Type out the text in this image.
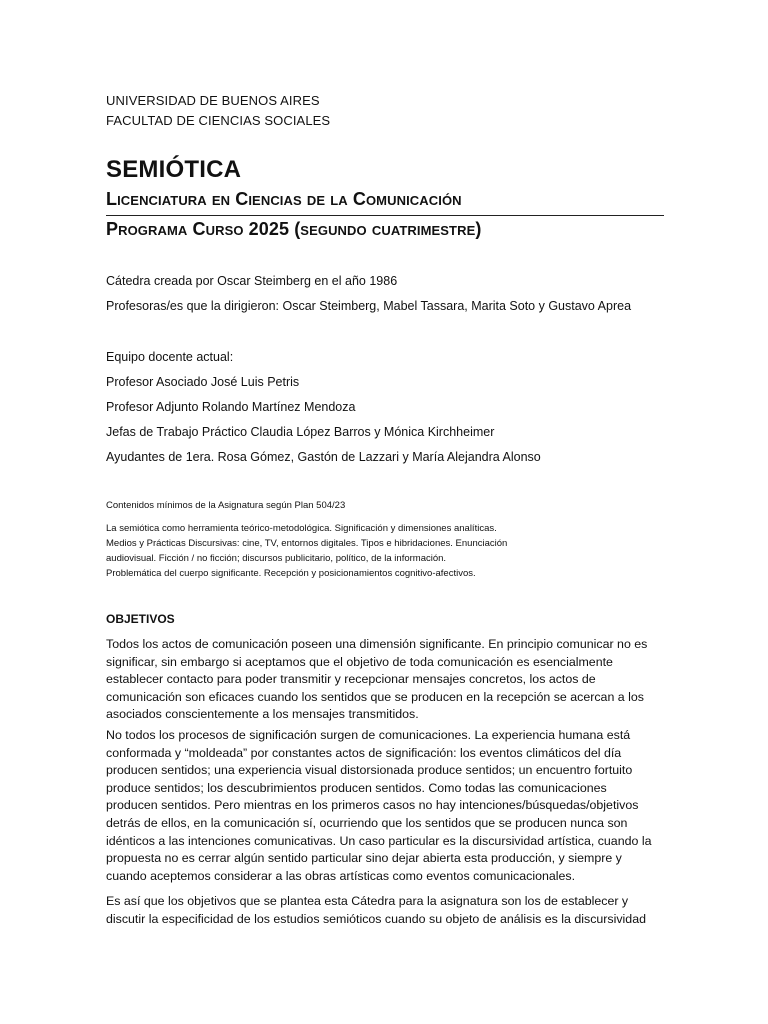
UNIVERSIDAD DE BUENOS AIRES
FACULTAD DE CIENCIAS SOCIALES
SEMIÓTICA
Licenciatura en Ciencias de la Comunicación
Programa Curso 2025 (segundo cuatrimestre)
Cátedra creada por Oscar Steimberg en el año 1986
Profesoras/es que la dirigieron: Oscar Steimberg, Mabel Tassara, Marita Soto y Gustavo Aprea
Equipo docente actual:
Profesor Asociado José Luis Petris
Profesor Adjunto Rolando Martínez Mendoza
Jefas de Trabajo Práctico Claudia López Barros y Mónica Kirchheimer
Ayudantes de 1era. Rosa Gómez, Gastón de Lazzari y María Alejandra Alonso
Contenidos mínimos de la Asignatura según Plan 504/23
La semiótica como herramienta teórico-metodológica. Significación y dimensiones analíticas.
Medios y Prácticas Discursivas: cine, TV, entornos digitales. Tipos e hibridaciones. Enunciación
audiovisual. Ficción / no ficción; discursos publicitario, político, de la información.
Problemática del cuerpo significante. Recepción y posicionamientos cognitivo-afectivos.
OBJETIVOS
Todos los actos de comunicación poseen una dimensión significante. En principio comunicar no es
significar, sin embargo si aceptamos que el objetivo de toda comunicación es esencialmente
establecer contacto para poder transmitir y recepcionar mensajes concretos, los actos de
comunicación son eficaces cuando los sentidos que se producen en la recepción se acercan a los
asociados conscientemente a los mensajes transmitidos.
No todos los procesos de significación surgen de comunicaciones. La experiencia humana está
conformada y “moldeada” por constantes actos de significación: los eventos climáticos del día
producen sentidos; una experiencia visual distorsionada produce sentidos; un encuentro fortuito
produce sentidos; los descubrimientos producen sentidos. Como todas las comunicaciones
producen sentidos. Pero mientras en los primeros casos no hay intenciones/búsquedas/objetivos
detrás de ellos, en la comunicación sí, ocurriendo que los sentidos que se producen nunca son
idénticos a las intenciones comunicativas. Un caso particular es la discursividad artística, cuando la
propuesta no es cerrar algún sentido particular sino dejar abierta esta producción, y siempre y
cuando aceptemos considerar a las obras artísticas como eventos comunicacionales.
Es así que los objetivos que se plantea esta Cátedra para la asignatura son los de establecer y
discutir la especificidad de los estudios semióticos cuando su objeto de análisis es la discursividad
